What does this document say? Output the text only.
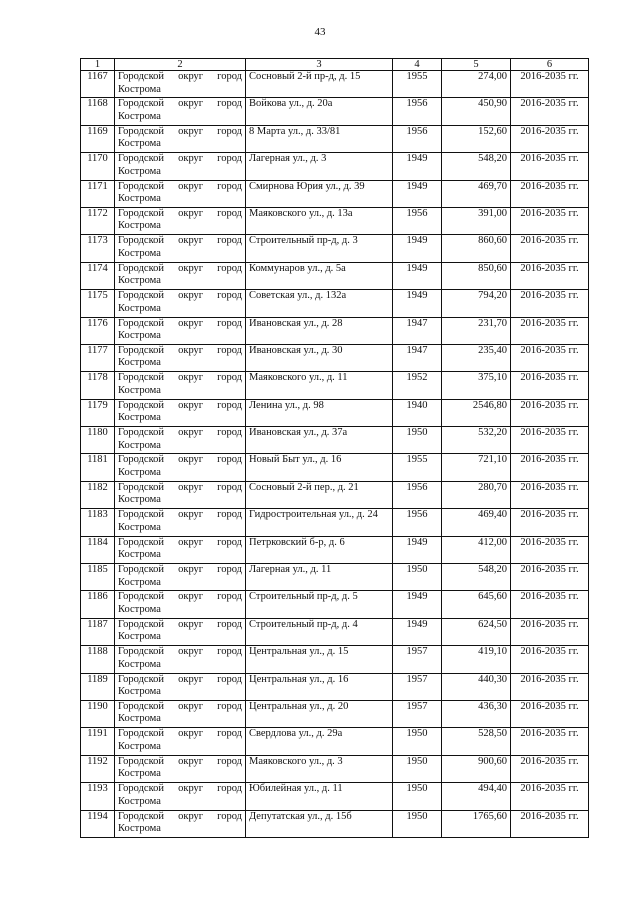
43
1	2	3	4	5	6
1167	Городской округ город Кострома	Сосновый 2-й пр-д, д. 15	1955	274,00	2016-2035 гг.
1168	Городской округ город Кострома	Войкова ул., д. 20а	1956	450,90	2016-2035 гг.
1169	Городской округ город Кострома	8 Марта ул., д. 33/81	1956	152,60	2016-2035 гг.
1170	Городской округ город Кострома	Лагерная ул., д. 3	1949	548,20	2016-2035 гг.
1171	Городской округ город Кострома	Смирнова Юрия ул., д. 39	1949	469,70	2016-2035 гг.
1172	Городской округ город Кострома	Маяковского ул., д. 13а	1956	391,00	2016-2035 гг.
1173	Городской округ город Кострома	Строительный пр-д, д. 3	1949	860,60	2016-2035 гг.
1174	Городской округ город Кострома	Коммунаров ул., д. 5а	1949	850,60	2016-2035 гг.
1175	Городской округ город Кострома	Советская ул., д. 132а	1949	794,20	2016-2035 гг.
1176	Городской округ город Кострома	Ивановская ул., д. 28	1947	231,70	2016-2035 гг.
1177	Городской округ город Кострома	Ивановская ул., д. 30	1947	235,40	2016-2035 гг.
1178	Городской округ город Кострома	Маяковского ул., д. 11	1952	375,10	2016-2035 гг.
1179	Городской округ город Кострома	Ленина ул., д. 98	1940	2546,80	2016-2035 гг.
1180	Городской округ город Кострома	Ивановская ул., д. 37а	1950	532,20	2016-2035 гг.
1181	Городской округ город Кострома	Новый Быт ул., д. 16	1955	721,10	2016-2035 гг.
1182	Городской округ город Кострома	Сосновый 2-й пер., д. 21	1956	280,70	2016-2035 гг.
1183	Городской округ город Кострома	Гидростроительная ул., д. 24	1956	469,40	2016-2035 гг.
1184	Городской округ город Кострома	Петрковский б-р, д. 6	1949	412,00	2016-2035 гг.
1185	Городской округ город Кострома	Лагерная ул., д. 11	1950	548,20	2016-2035 гг.
1186	Городской округ город Кострома	Строительный пр-д, д. 5	1949	645,60	2016-2035 гг.
1187	Городской округ город Кострома	Строительный пр-д, д. 4	1949	624,50	2016-2035 гг.
1188	Городской округ город Кострома	Центральная ул., д. 15	1957	419,10	2016-2035 гг.
1189	Городской округ город Кострома	Центральная ул., д. 16	1957	440,30	2016-2035 гг.
1190	Городской округ город Кострома	Центральная ул., д. 20	1957	436,30	2016-2035 гг.
1191	Городской округ город Кострома	Свердлова ул., д. 29а	1950	528,50	2016-2035 гг.
1192	Городской округ город Кострома	Маяковского ул., д. 3	1950	900,60	2016-2035 гг.
1193	Городской округ город Кострома	Юбилейная ул., д. 11	1950	494,40	2016-2035 гг.
1194	Городской округ город Кострома	Депутатская ул., д. 15б	1950	1765,60	2016-2035 гг.
